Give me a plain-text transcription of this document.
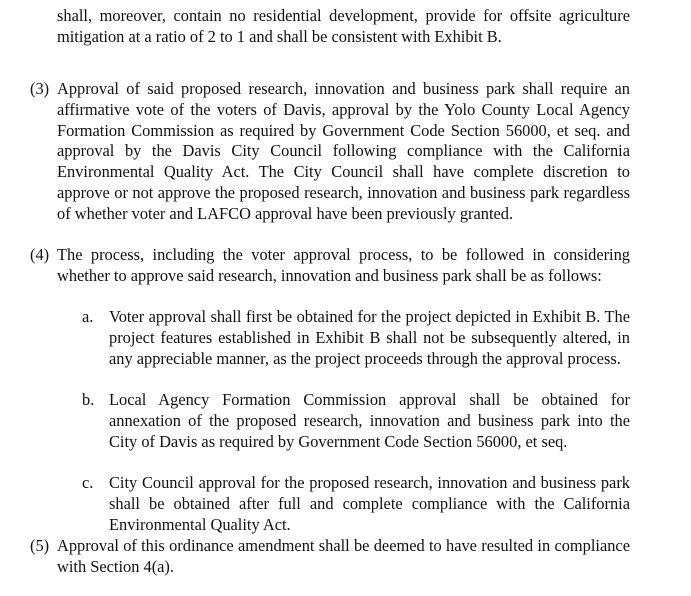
shall, moreover, contain no residential development, provide for offsite agriculture mitigation at a ratio of 2 to 1 and shall be consistent with Exhibit B.

(3) Approval of said proposed research, innovation and business park shall require an affirmative vote of the voters of Davis, approval by the Yolo County Local Agency Formation Commission as required by Government Code Section 56000, et seq. and approval by the Davis City Council following compliance with the California Environmental Quality Act. The City Council shall have complete discretion to approve or not approve the proposed research, innovation and business park regardless of whether voter and LAFCO approval have been previously granted.
(4) The process, including the voter approval process, to be followed in considering whether to approve said research, innovation and business park shall be as follows:
a. Voter approval shall first be obtained for the project depicted in Exhibit B. The project features established in Exhibit B shall not be subsequently altered, in any appreciable manner, as the project proceeds through the approval process.
b. Local Agency Formation Commission approval shall be obtained for annexation of the proposed research, innovation and business park into the City of Davis as required by Government Code Section 56000, et seq.
c. City Council approval for the proposed research, innovation and business park shall be obtained after full and complete compliance with the California Environmental Quality Act.
(5) Approval of this ordinance amendment shall be deemed to have resulted in compliance with Section 4(a).
